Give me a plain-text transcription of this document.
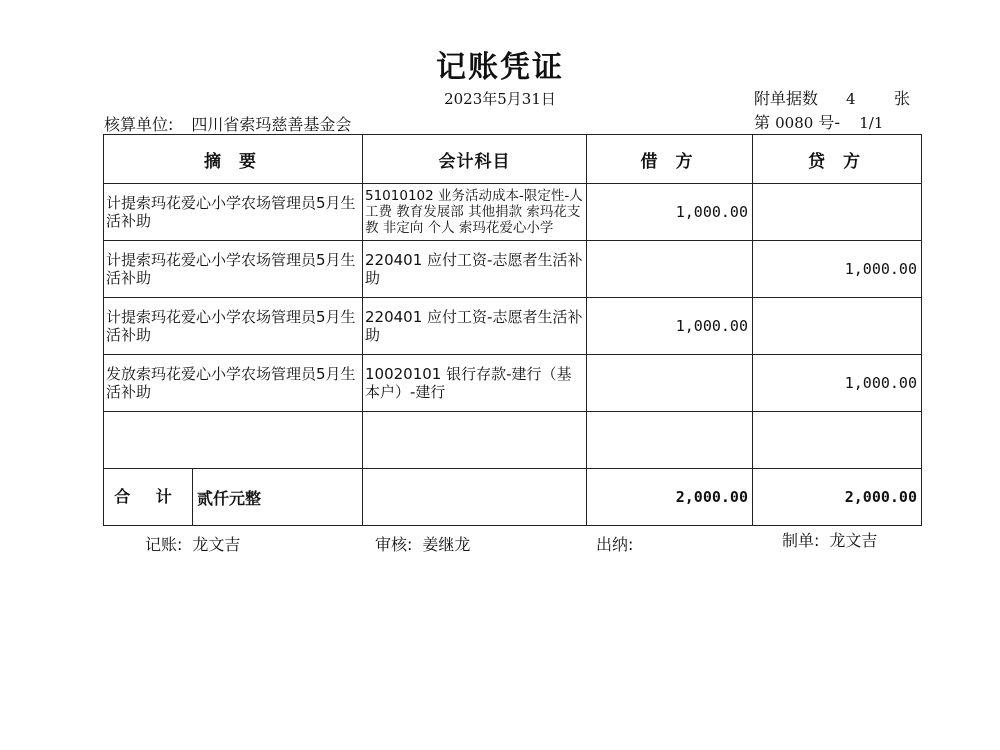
记账凭证
2023年5月31日	附单据数 4 张
核算单位: 四川省索玛慈善基金会	第 0080 号- 1/1
摘 要	会计科目	借 方	贷 方
计提索玛花爱心小学农场管理员5月生活补助	51010102 业务活动成本-限定性-人工费 教育发展部 其他捐款 索玛花支教 非定向 个人 索玛花爱心小学	1,000.00	
计提索玛花爱心小学农场管理员5月生活补助	220401 应付工资-志愿者生活补助		1,000.00
计提索玛花爱心小学农场管理员5月生活补助	220401 应付工资-志愿者生活补助	1,000.00	
发放索玛花爱心小学农场管理员5月生活补助	10020101 银行存款-建行（基本户）-建行		1,000.00

合 计 贰仟元整		2,000.00	2,000.00
记账: 龙文吉	审核: 姜继龙	出纳:	制单: 龙文吉
